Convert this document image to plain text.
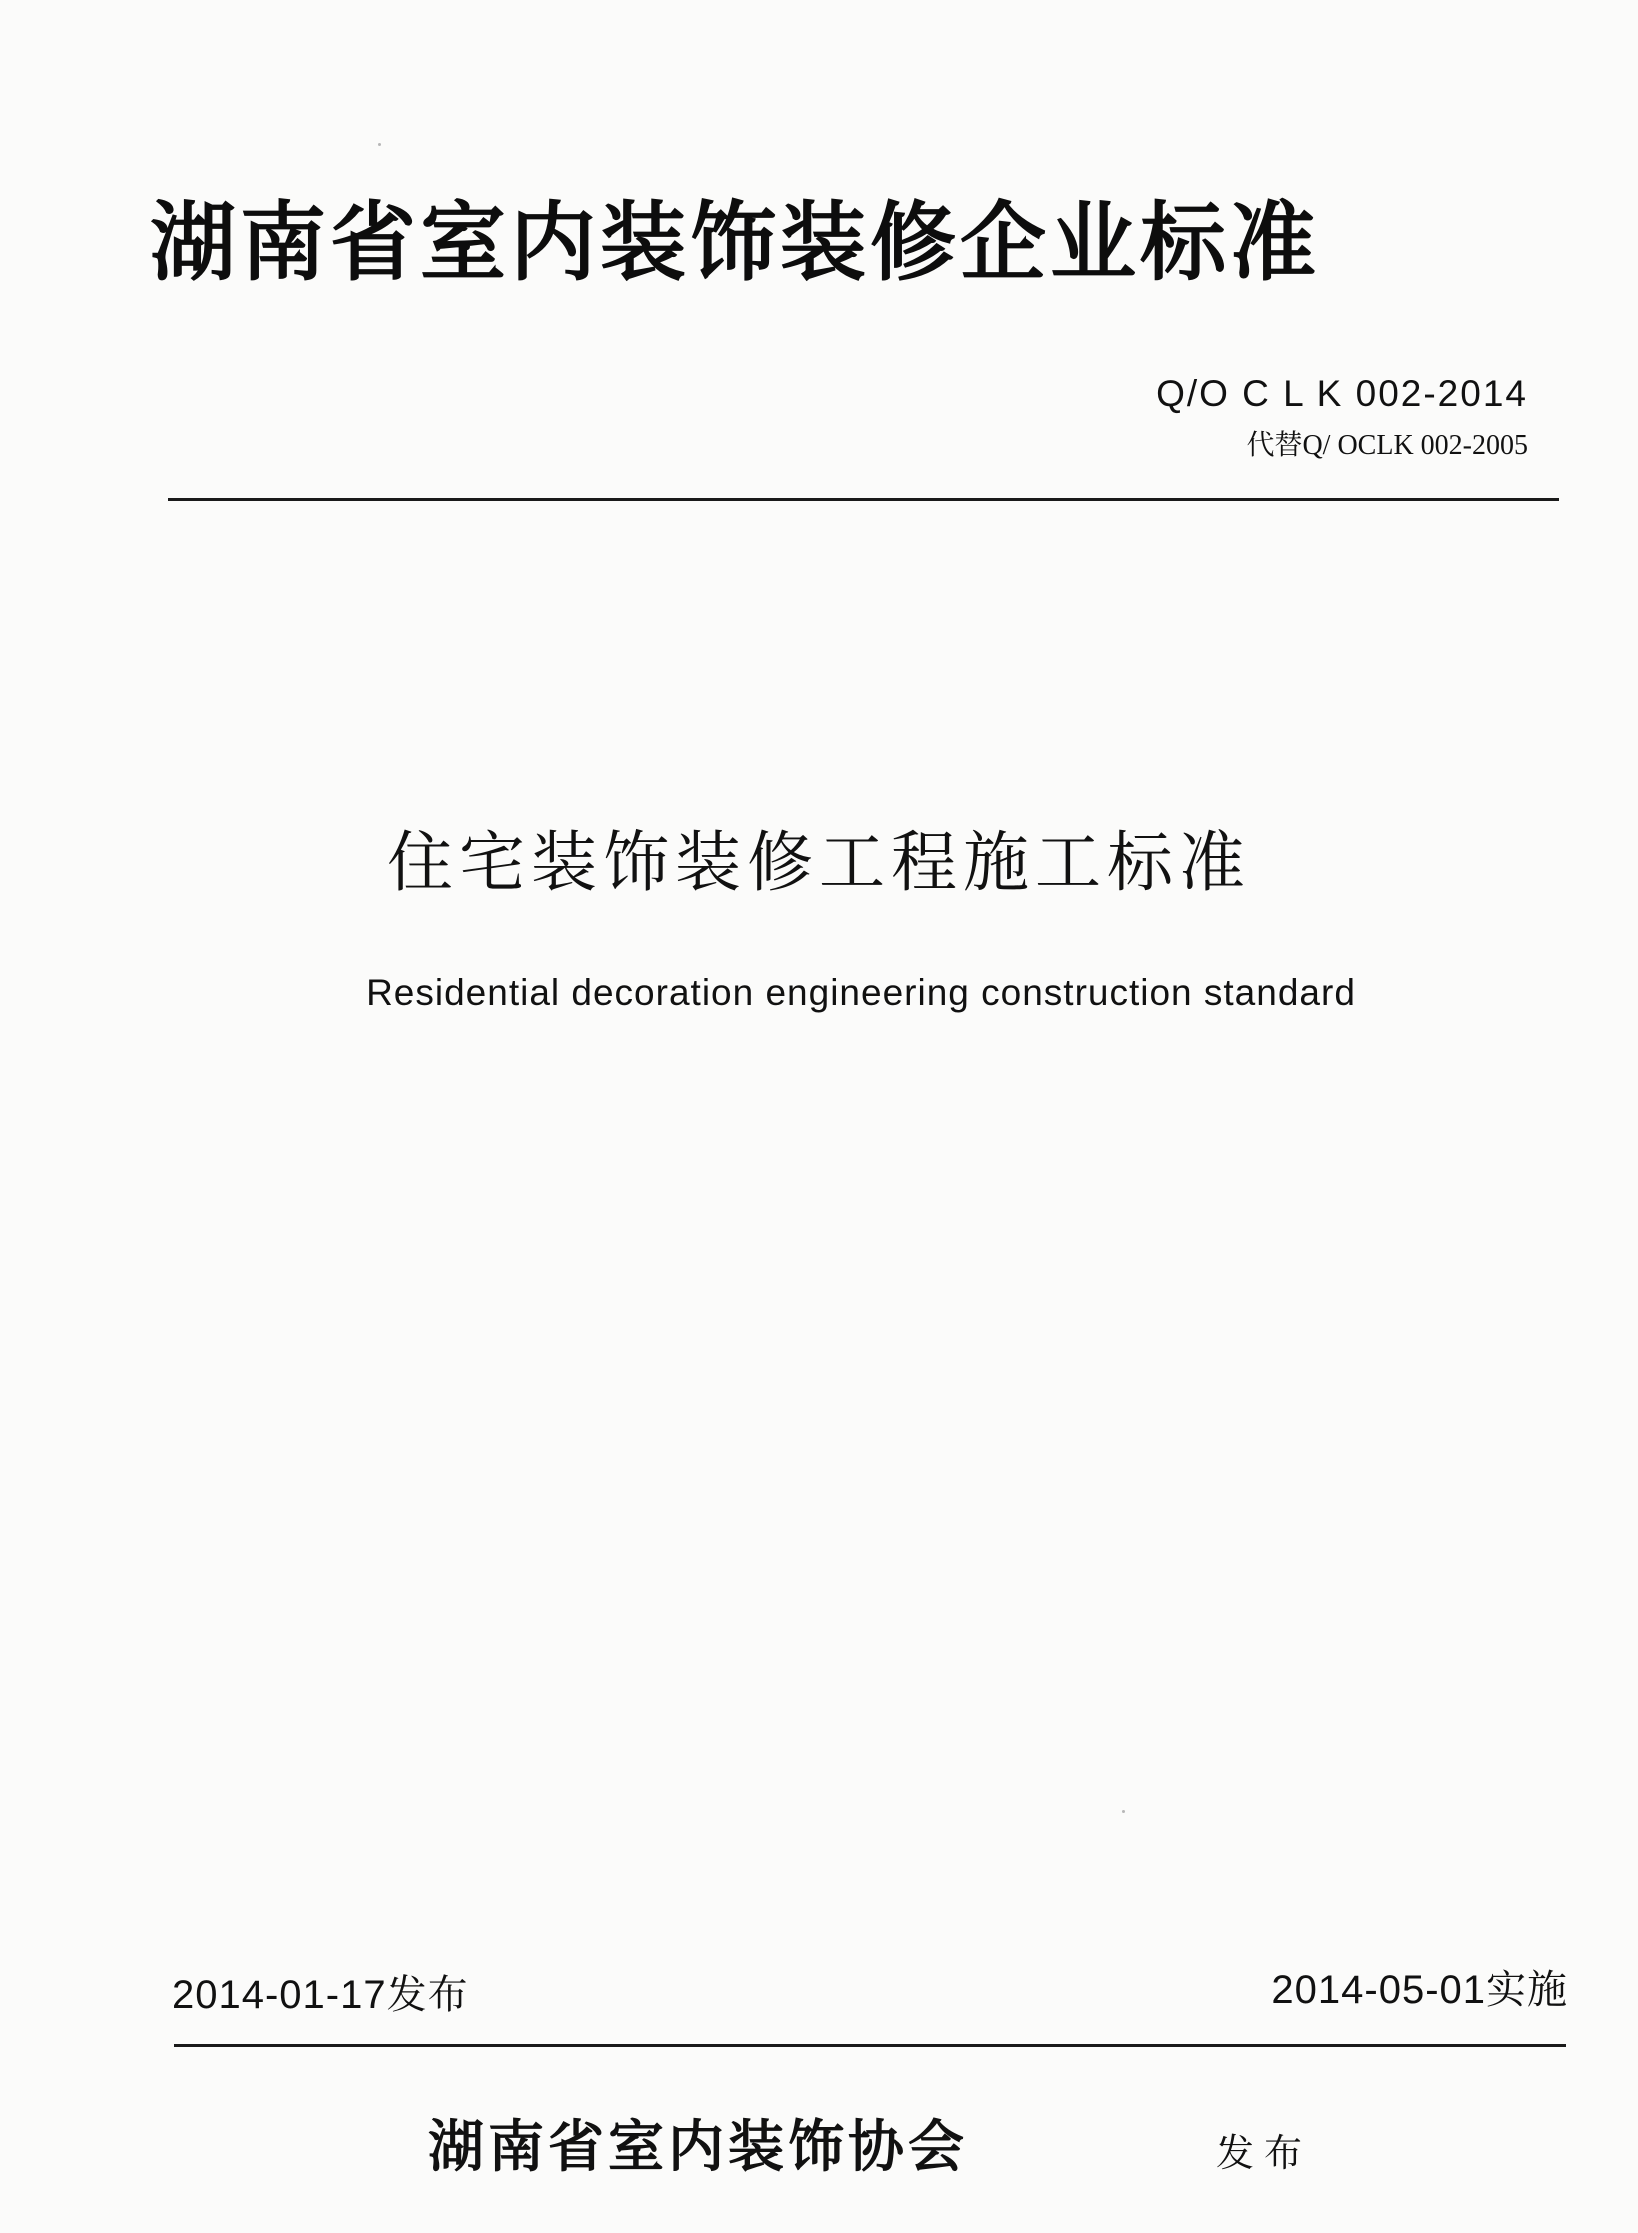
湖南省室内装饰装修企业标准
Q/O C L K 002-2014
代替Q/ OCLK 002-2005
住宅装饰装修工程施工标准
Residential decoration engineering construction standard
2014-01-17发布	2014-05-01实施
湖南省室内装饰协会	发布
